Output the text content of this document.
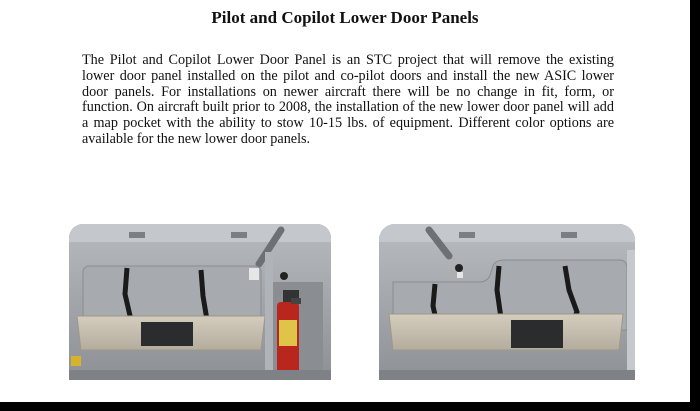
Pilot and Copilot Lower Door Panels
The Pilot and Copilot Lower Door Panel is an STC project that will remove the existing lower door panel installed on the pilot and co-pilot doors and install the new ASIC lower door panels. For installations on newer aircraft there will be no change in fit, form, or function. On aircraft built prior to 2008, the installation of the new lower door panel will add a map pocket with the ability to stow 10-15 lbs. of equipment. Different color options are available for the new lower door panels.
